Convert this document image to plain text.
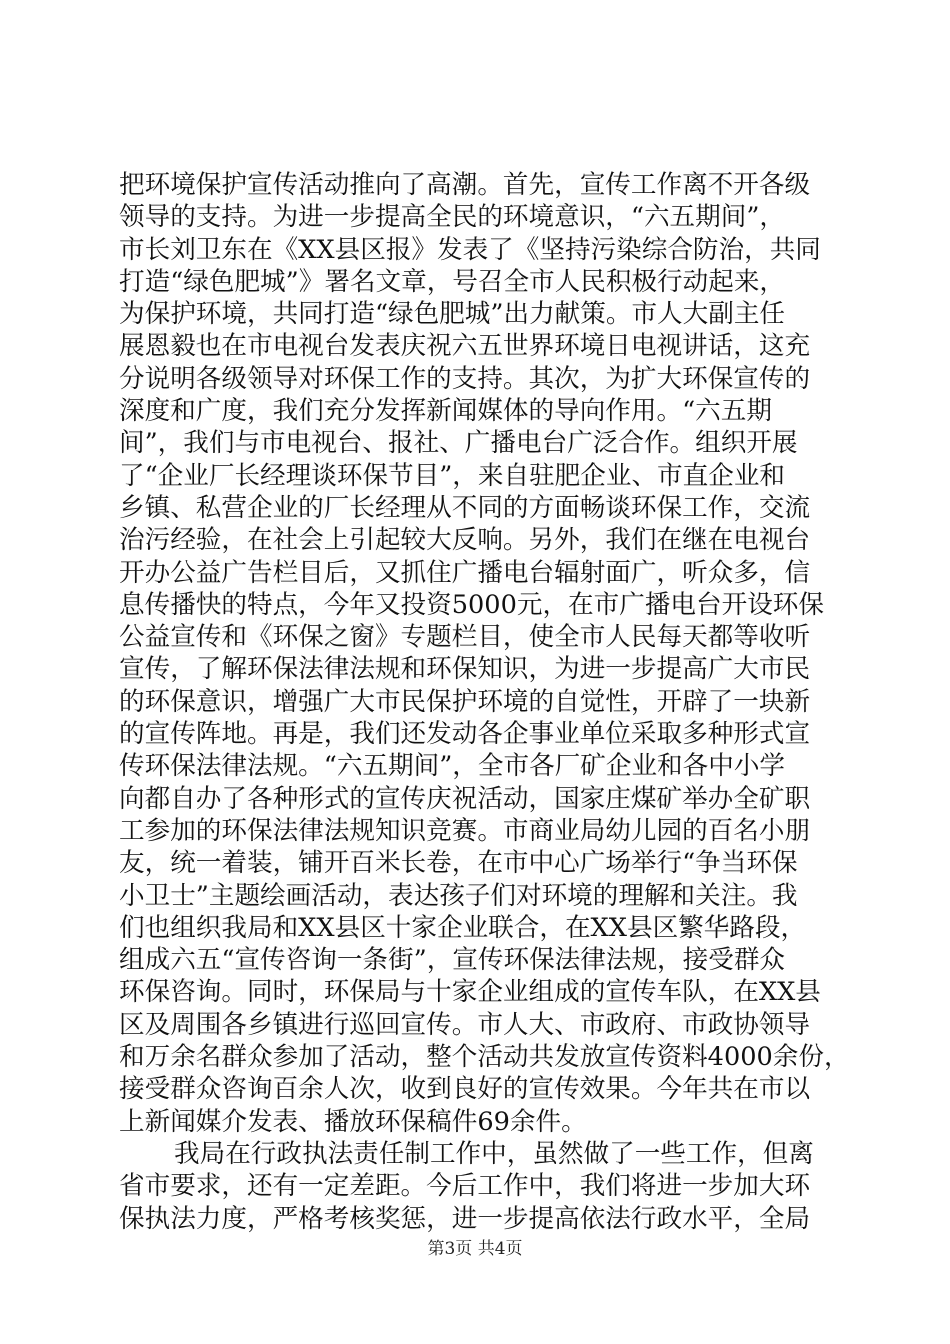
把环境保护宣传活动推向了高潮。首先，宣传工作离不开各级
领导的支持。为进一步提高全民的环境意识，“六五期间”，
市长刘卫东在《XX县区报》发表了《坚持污染综合防治，共同
打造“绿色肥城”》署名文章，号召全市人民积极行动起来，
为保护环境，共同打造“绿色肥城”出力献策。市人大副主任
展恩毅也在市电视台发表庆祝六五世界环境日电视讲话，这充
分说明各级领导对环保工作的支持。其次，为扩大环保宣传的
深度和广度，我们充分发挥新闻媒体的导向作用。“六五期
间”，我们与市电视台、报社、广播电台广泛合作。组织开展
了“企业厂长经理谈环保节目”，来自驻肥企业、市直企业和
乡镇、私营企业的厂长经理从不同的方面畅谈环保工作，交流
治污经验，在社会上引起较大反响。另外，我们在继在电视台
开办公益广告栏目后，又抓住广播电台辐射面广，听众多，信
息传播快的特点，今年又投资5000元，在市广播电台开设环保
公益宣传和《环保之窗》专题栏目，使全市人民每天都等收听
宣传，了解环保法律法规和环保知识，为进一步提高广大市民
的环保意识，增强广大市民保护环境的自觉性，开辟了一块新
的宣传阵地。再是，我们还发动各企事业单位采取多种形式宣
传环保法律法规。“六五期间”，全市各厂矿企业和各中小学
向都自办了各种形式的宣传庆祝活动，国家庄煤矿举办全矿职
工参加的环保法律法规知识竞赛。市商业局幼儿园的百名小朋
友，统一着装，铺开百米长卷，在市中心广场举行“争当环保
小卫士”主题绘画活动，表达孩子们对环境的理解和关注。我
们也组织我局和XX县区十家企业联合，在XX县区繁华路段，
组成六五“宣传咨询一条街”，宣传环保法律法规，接受群众
环保咨询。同时，环保局与十家企业组成的宣传车队，在XX县
区及周围各乡镇进行巡回宣传。市人大、市政府、市政协领导
和万余名群众参加了活动，整个活动共发放宣传资料4000余份，
接受群众咨询百余人次，收到良好的宣传效果。今年共在市以
上新闻媒介发表、播放环保稿件69余件。
我局在行政执法责任制工作中，虽然做了一些工作，但离
省市要求，还有一定差距。今后工作中，我们将进一步加大环
保执法力度，严格考核奖惩，进一步提高依法行政水平，全局
第3页 共4页
